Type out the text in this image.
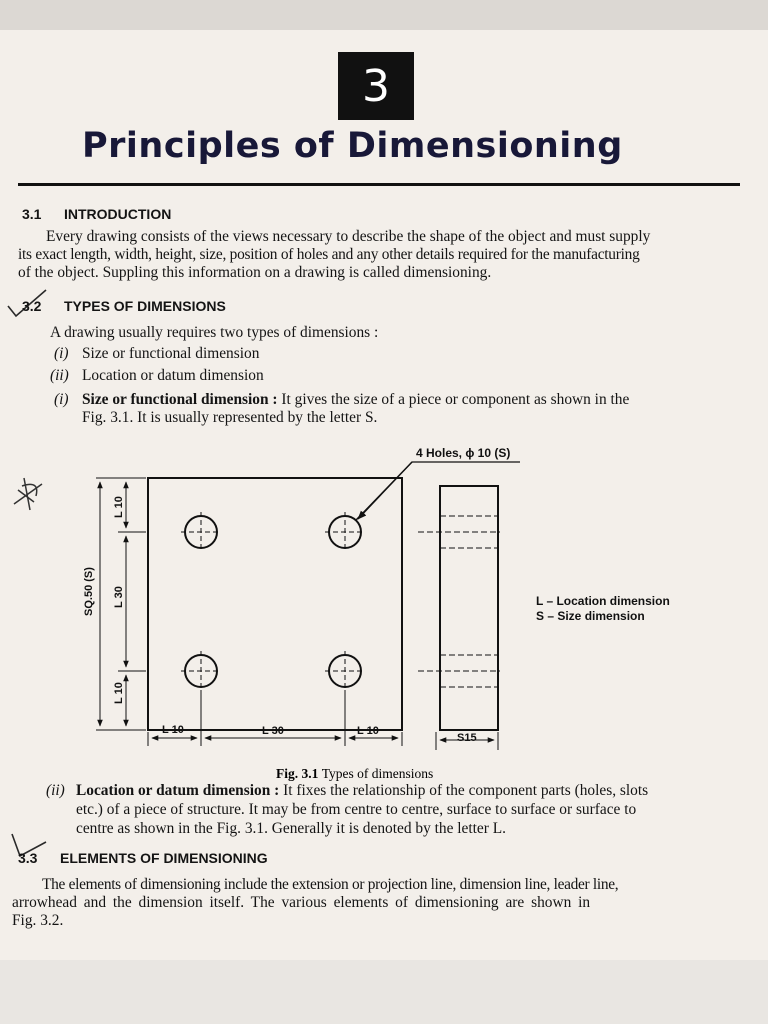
3
Principles of Dimensioning
3.1 INTRODUCTION

Every drawing consists of the views necessary to describe the shape of the object and must supply

its exact length, width, height, size, position of holes and any other details required for the manufacturing

of the object. Suppling this information on a drawing is called dimensioning.

3.2 TYPES OF DIMENSIONS
A drawing usually requires two types of dimensions :
(i) Size or functional dimension
(ii) Location or datum dimension
(i) Size or functional dimension : It gives the size of a piece or component as shown in the
Fig. 3.1. It is usually represented by the letter S.
4 Holes, ϕ 10 (S)
SQ.50 (S)
L 10
L 30
L 10
L 10	L 30	L 10
S15
L – Location dimension
S – Size dimension
Fig. 3.1 Types of dimensions
(ii) Location or datum dimension : It fixes the relationship of the component parts (holes, slots
etc.) of a piece of structure. It may be from centre to centre, surface to surface or surface to
centre as shown in the Fig. 3.1. Generally it is denoted by the letter L.
3.3 ELEMENTS OF DIMENSIONING

The elements of dimensioning include the extension or projection line, dimension line, leader line,

arrowhead and the dimension itself. The various elements of dimensioning are shown in

Fig. 3.2.
